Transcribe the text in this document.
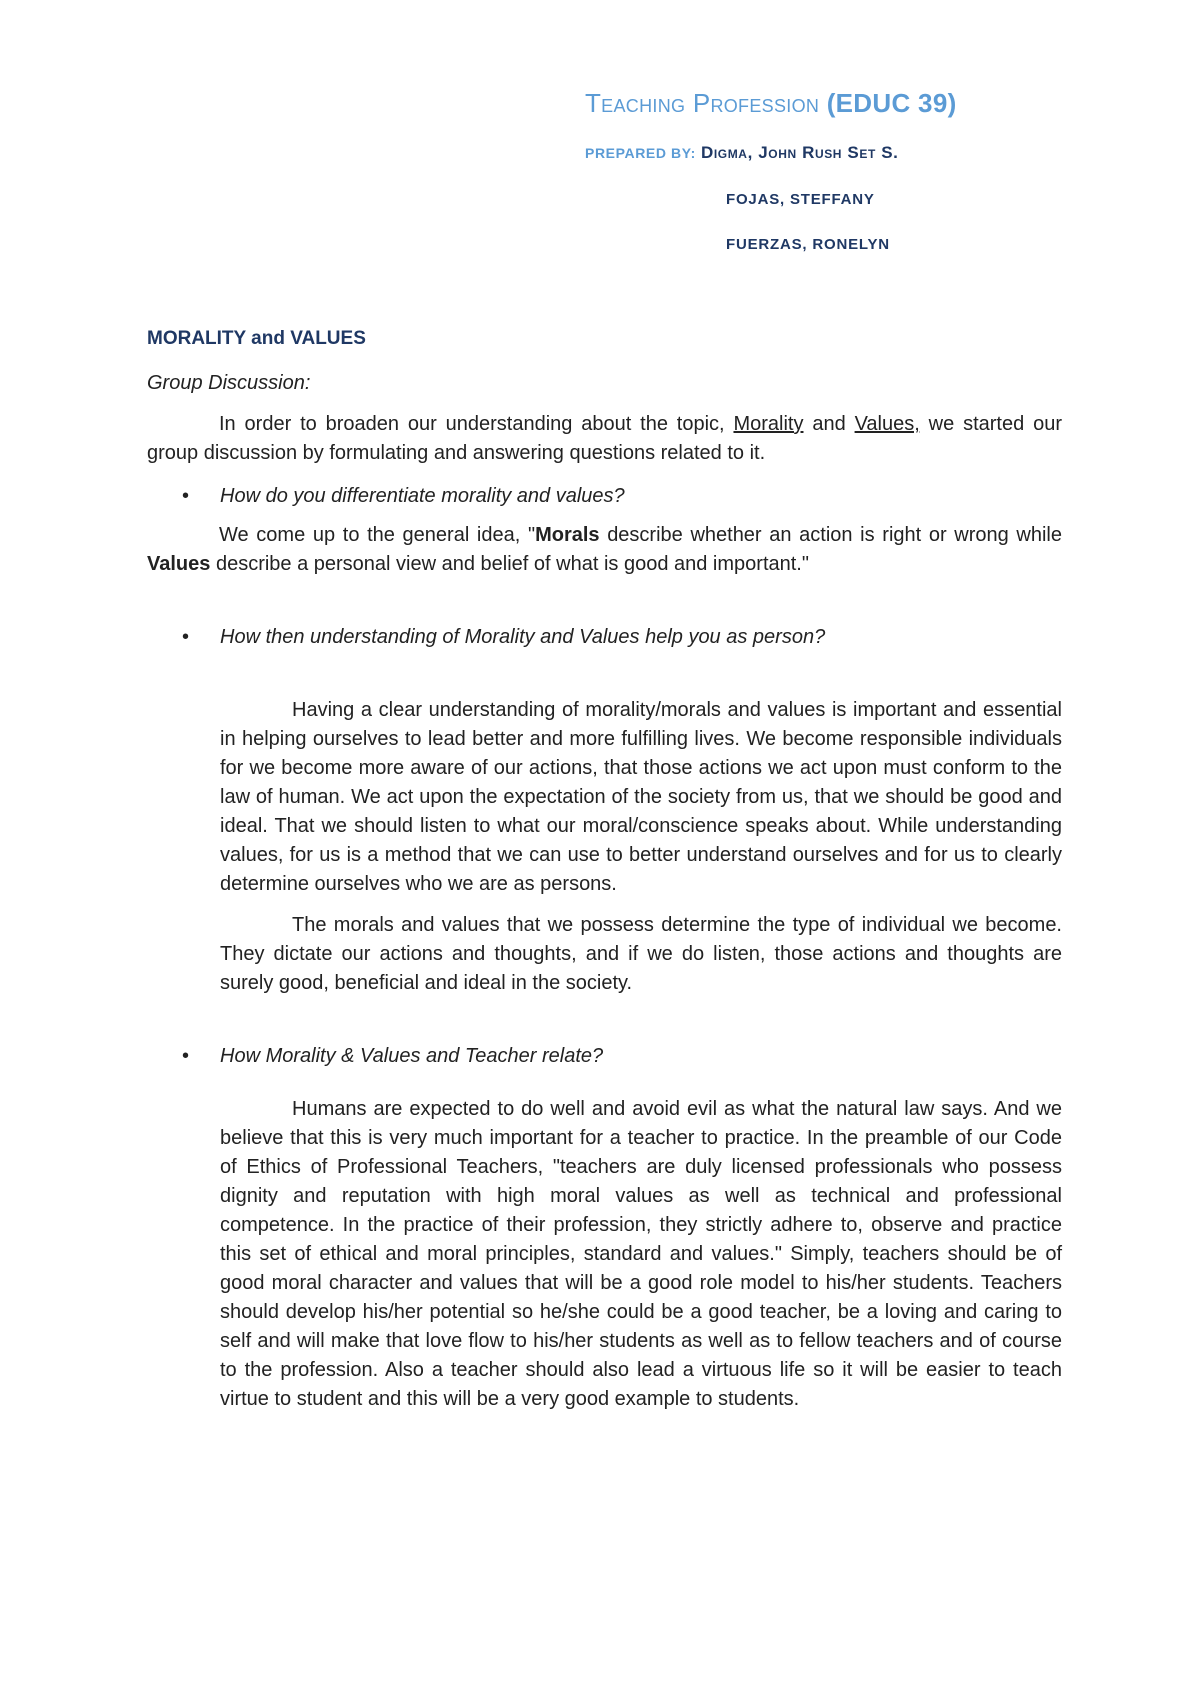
Teaching Profession (EDUC 39)
PREPARED BY: Digma, John Rush Set S.
FOJAS, STEFFANY
FUERZAS, RONELYN
MORALITY and VALUES
Group Discussion:

In order to broaden our understanding about the topic, Morality and Values, we started our group discussion by formulating and answering questions related to it.

• How do you differentiate morality and values?

We come up to the general idea, "Morals describe whether an action is right or wrong while Values describe a personal view and belief of what is good and important."

• How then understanding of Morality and Values help you as person?

Having a clear understanding of morality/morals and values is important and essential in helping ourselves to lead better and more fulfilling lives. We become responsible individuals for we become more aware of our actions, that those actions we act upon must conform to the law of human. We act upon the expectation of the society from us, that we should be good and ideal. That we should listen to what our moral/conscience speaks about. While understanding values, for us is a method that we can use to better understand ourselves and for us to clearly determine ourselves who we are as persons.

The morals and values that we possess determine the type of individual we become. They dictate our actions and thoughts, and if we do listen, those actions and thoughts are surely good, beneficial and ideal in the society.

• How Morality & Values and Teacher relate?

Humans are expected to do well and avoid evil as what the natural law says. And we believe that this is very much important for a teacher to practice. In the preamble of our Code of Ethics of Professional Teachers, "teachers are duly licensed professionals who possess dignity and reputation with high moral values as well as technical and professional competence. In the practice of their profession, they strictly adhere to, observe and practice this set of ethical and moral principles, standard and values." Simply, teachers should be of good moral character and values that will be a good role model to his/her students. Teachers should develop his/her potential so he/she could be a good teacher, be a loving and caring to self and will make that love flow to his/her students as well as to fellow teachers and of course to the profession. Also a teacher should also lead a virtuous life so it will be easier to teach virtue to student and this will be a very good example to students.
